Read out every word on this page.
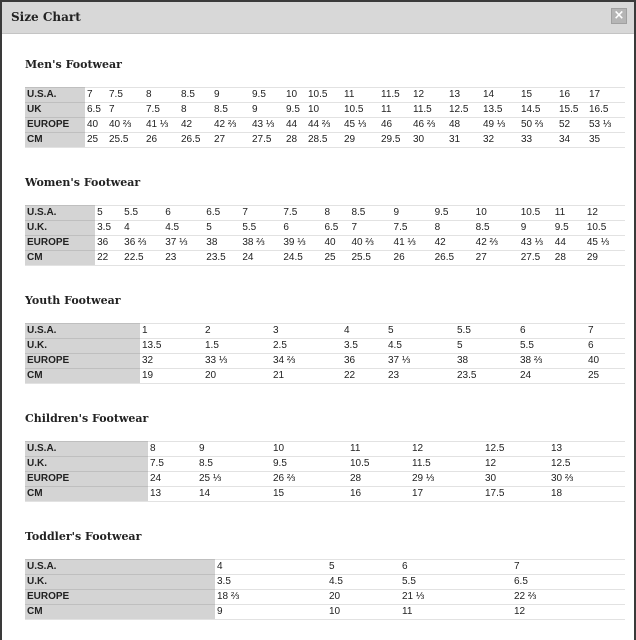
Size Chart	×
Men's Footwear
U.S.A.	7	7.5	8	8.5	9	9.5	10	10.5	11	11.5	12	13	14	15	16	17
UK	6.5	7	7.5	8	8.5	9	9.5	10	10.5	11	11.5	12.5	13.5	14.5	15.5	16.5
EUROPE	40	40 ⅔	41 ⅓	42	42 ⅔	43 ⅓	44	44 ⅔	45 ⅓	46	46 ⅔	48	49 ⅓	50 ⅔	52	53 ⅓
CM	25	25.5	26	26.5	27	27.5	28	28.5	29	29.5	30	31	32	33	34	35
Women's Footwear
U.S.A.	5	5.5	6	6.5	7	7.5	8	8.5	9	9.5	10	10.5	11	12
U.K.	3.5	4	4.5	5	5.5	6	6.5	7	7.5	8	8.5	9	9.5	10.5
EUROPE	36	36 ⅔	37 ⅓	38	38 ⅔	39 ⅓	40	40 ⅔	41 ⅓	42	42 ⅔	43 ⅓	44	45 ⅓
CM	22	22.5	23	23.5	24	24.5	25	25.5	26	26.5	27	27.5	28	29
Youth Footwear
U.S.A.	1	2	3	4	5	5.5	6	7
U.K.	13.5	1.5	2.5	3.5	4.5	5	5.5	6
EUROPE	32	33 ⅓	34 ⅔	36	37 ⅓	38	38 ⅔	40
CM	19	20	21	22	23	23.5	24	25
Children's Footwear
U.S.A.	8	9	10	11	12	12.5	13
U.K.	7.5	8.5	9.5	10.5	11.5	12	12.5
EUROPE	24	25 ⅓	26 ⅔	28	29 ⅓	30	30 ⅔
CM	13	14	15	16	17	17.5	18
Toddler's Footwear
U.S.A.	4	5	6	7
U.K.	3.5	4.5	5.5	6.5
EUROPE	18 ⅔	20	21 ⅓	22 ⅔
CM	9	10	11	12
